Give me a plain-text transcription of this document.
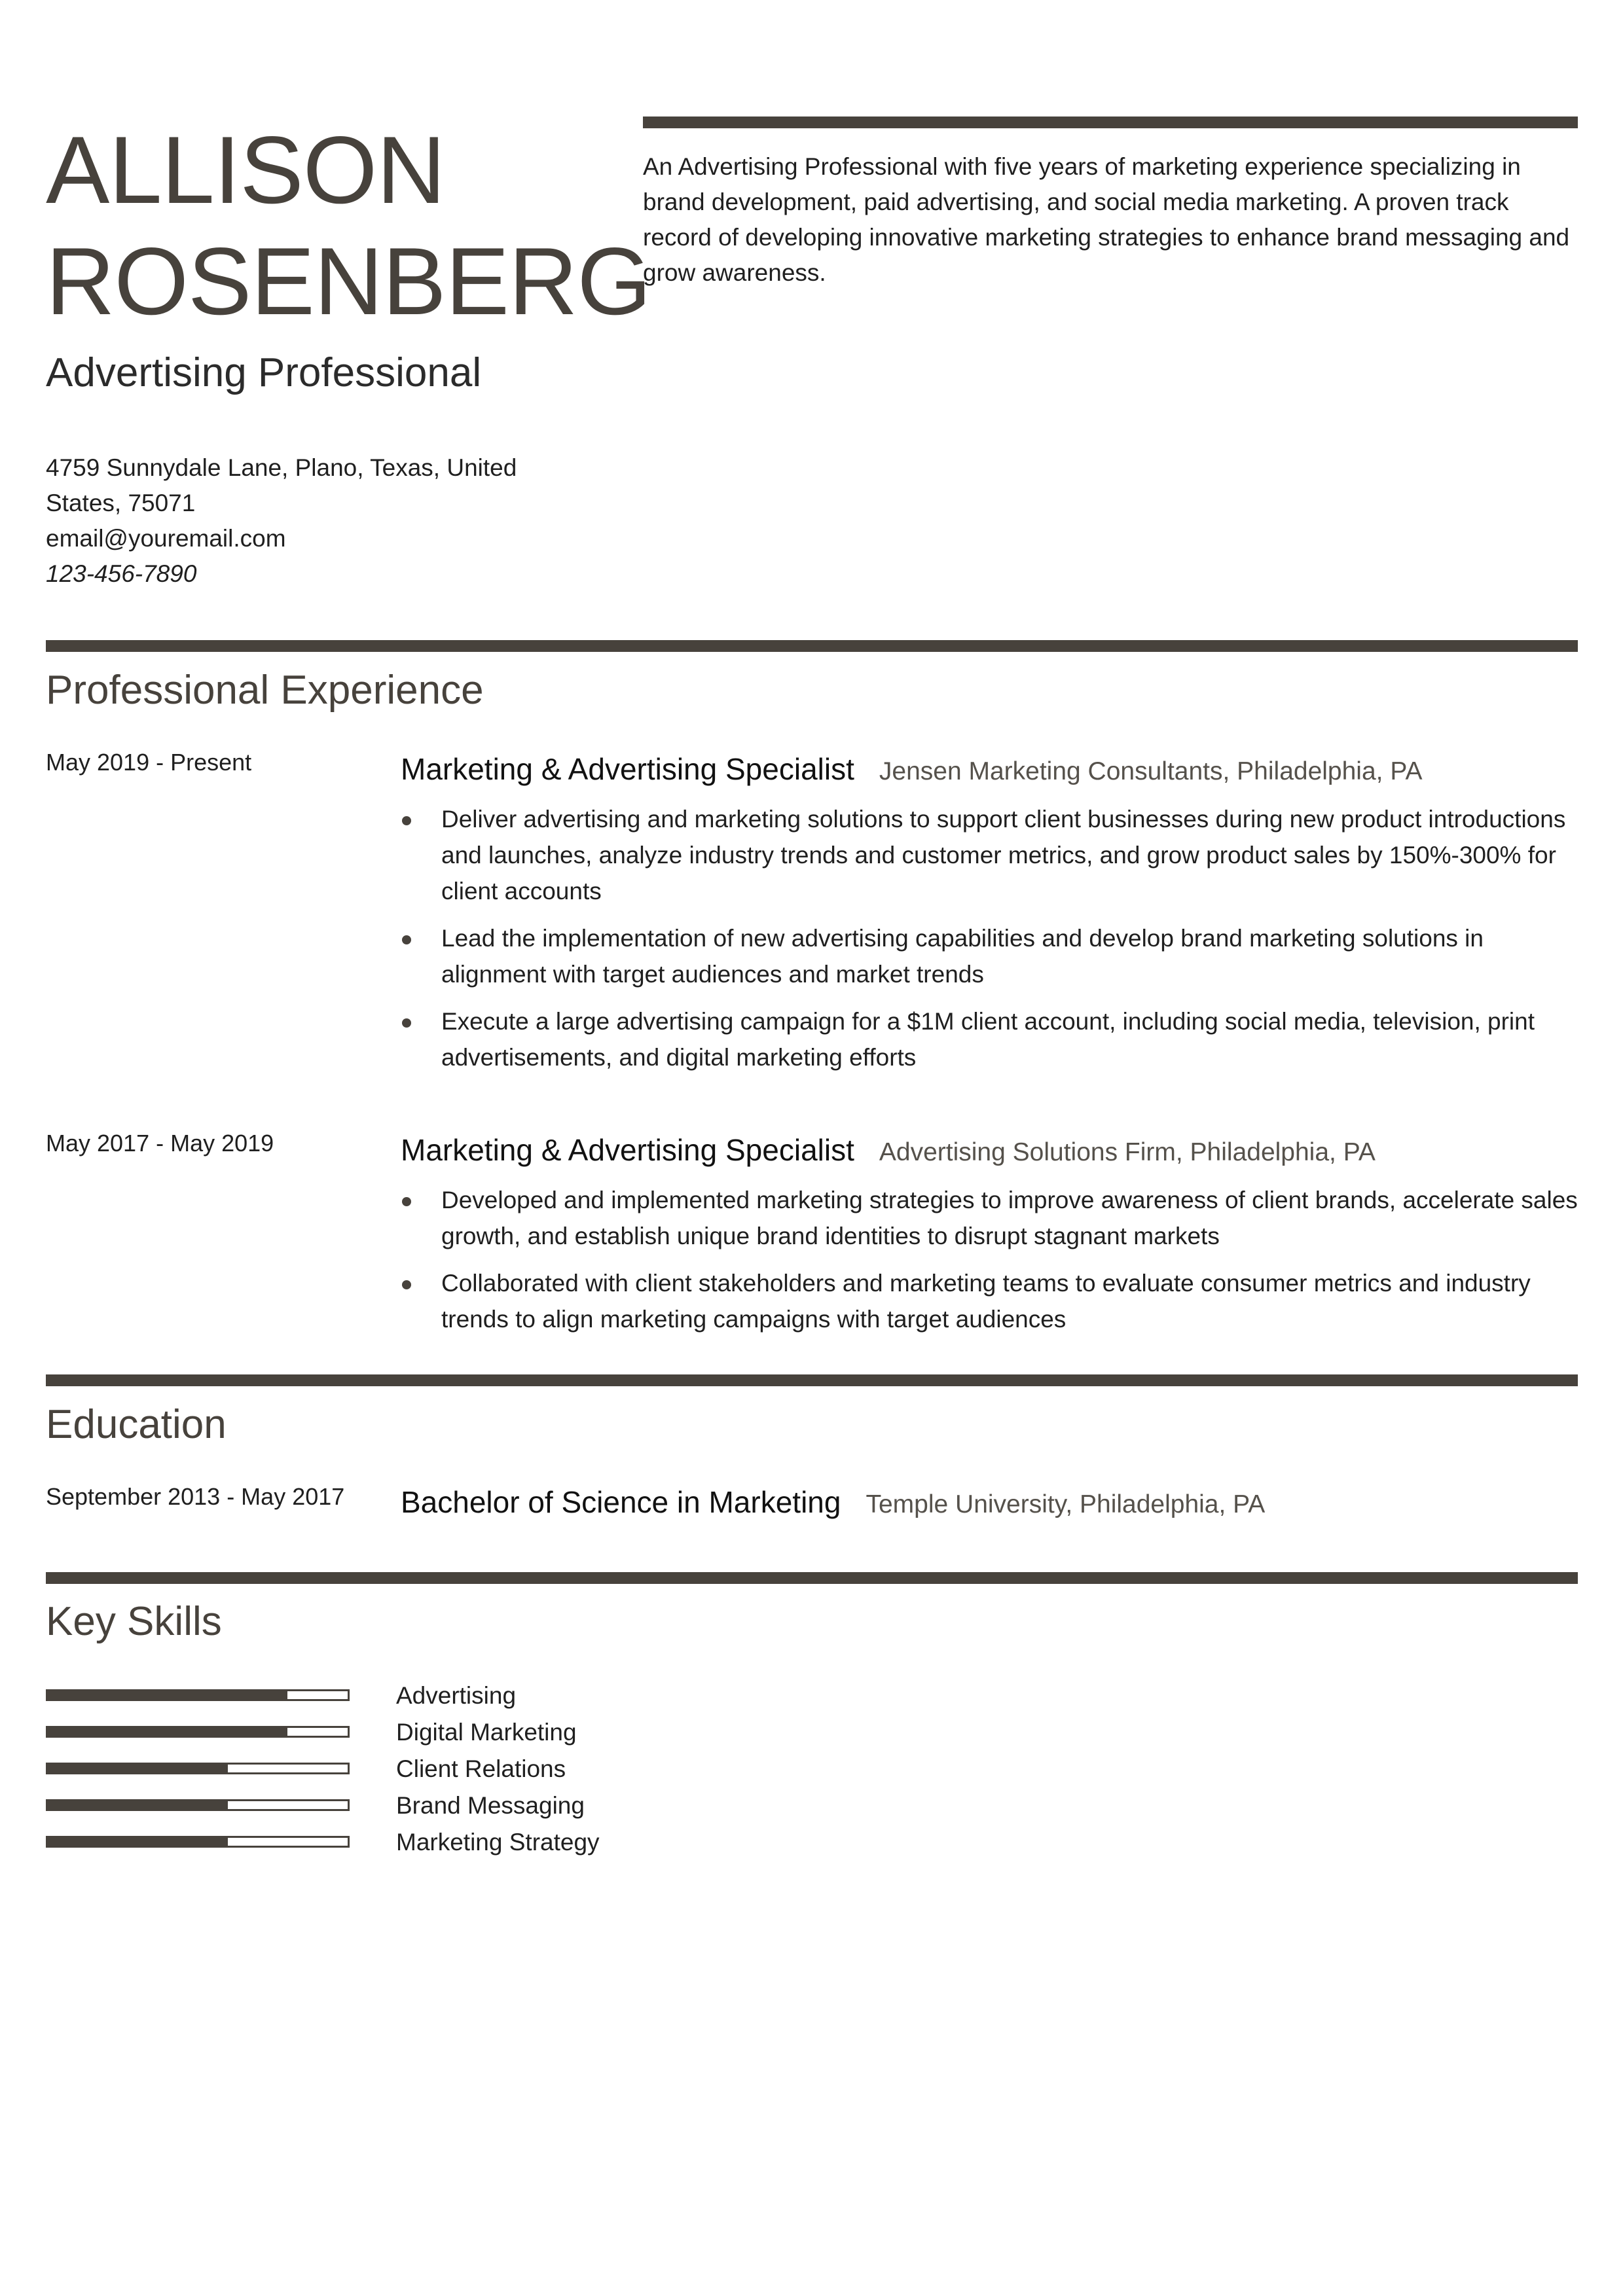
ALLISON
ROSENBERG
Advertising Professional
4759 Sunnydale Lane, Plano, Texas, United States, 75071
email@youremail.com
123-456-7890

An Advertising Professional with five years of marketing experience specializing in brand development, paid advertising, and social media marketing. A proven track record of developing innovative marketing strategies to enhance brand messaging and grow awareness.

Professional Experience
May 2019 - Present	Marketing & Advertising Specialist Jensen Marketing Consultants, Philadelphia, PA
Deliver advertising and marketing solutions to support client businesses during new product introductions and launches, analyze industry trends and customer metrics, and grow product sales by 150%-300% for client accounts
Lead the implementation of new advertising capabilities and develop brand marketing solutions in alignment with target audiences and market trends
Execute a large advertising campaign for a $1M client account, including social media, television, print advertisements, and digital marketing efforts
May 2017 - May 2019	Marketing & Advertising Specialist Advertising Solutions Firm, Philadelphia, PA
Developed and implemented marketing strategies to improve awareness of client brands, accelerate sales growth, and establish unique brand identities to disrupt stagnant markets
Collaborated with client stakeholders and marketing teams to evaluate consumer metrics and industry trends to align marketing campaigns with target audiences
Education
September 2013 - May 2017 Bachelor of Science in Marketing Temple University, Philadelphia, PA
Key Skills
Advertising
Digital Marketing
Client Relations
Brand Messaging
Marketing Strategy
